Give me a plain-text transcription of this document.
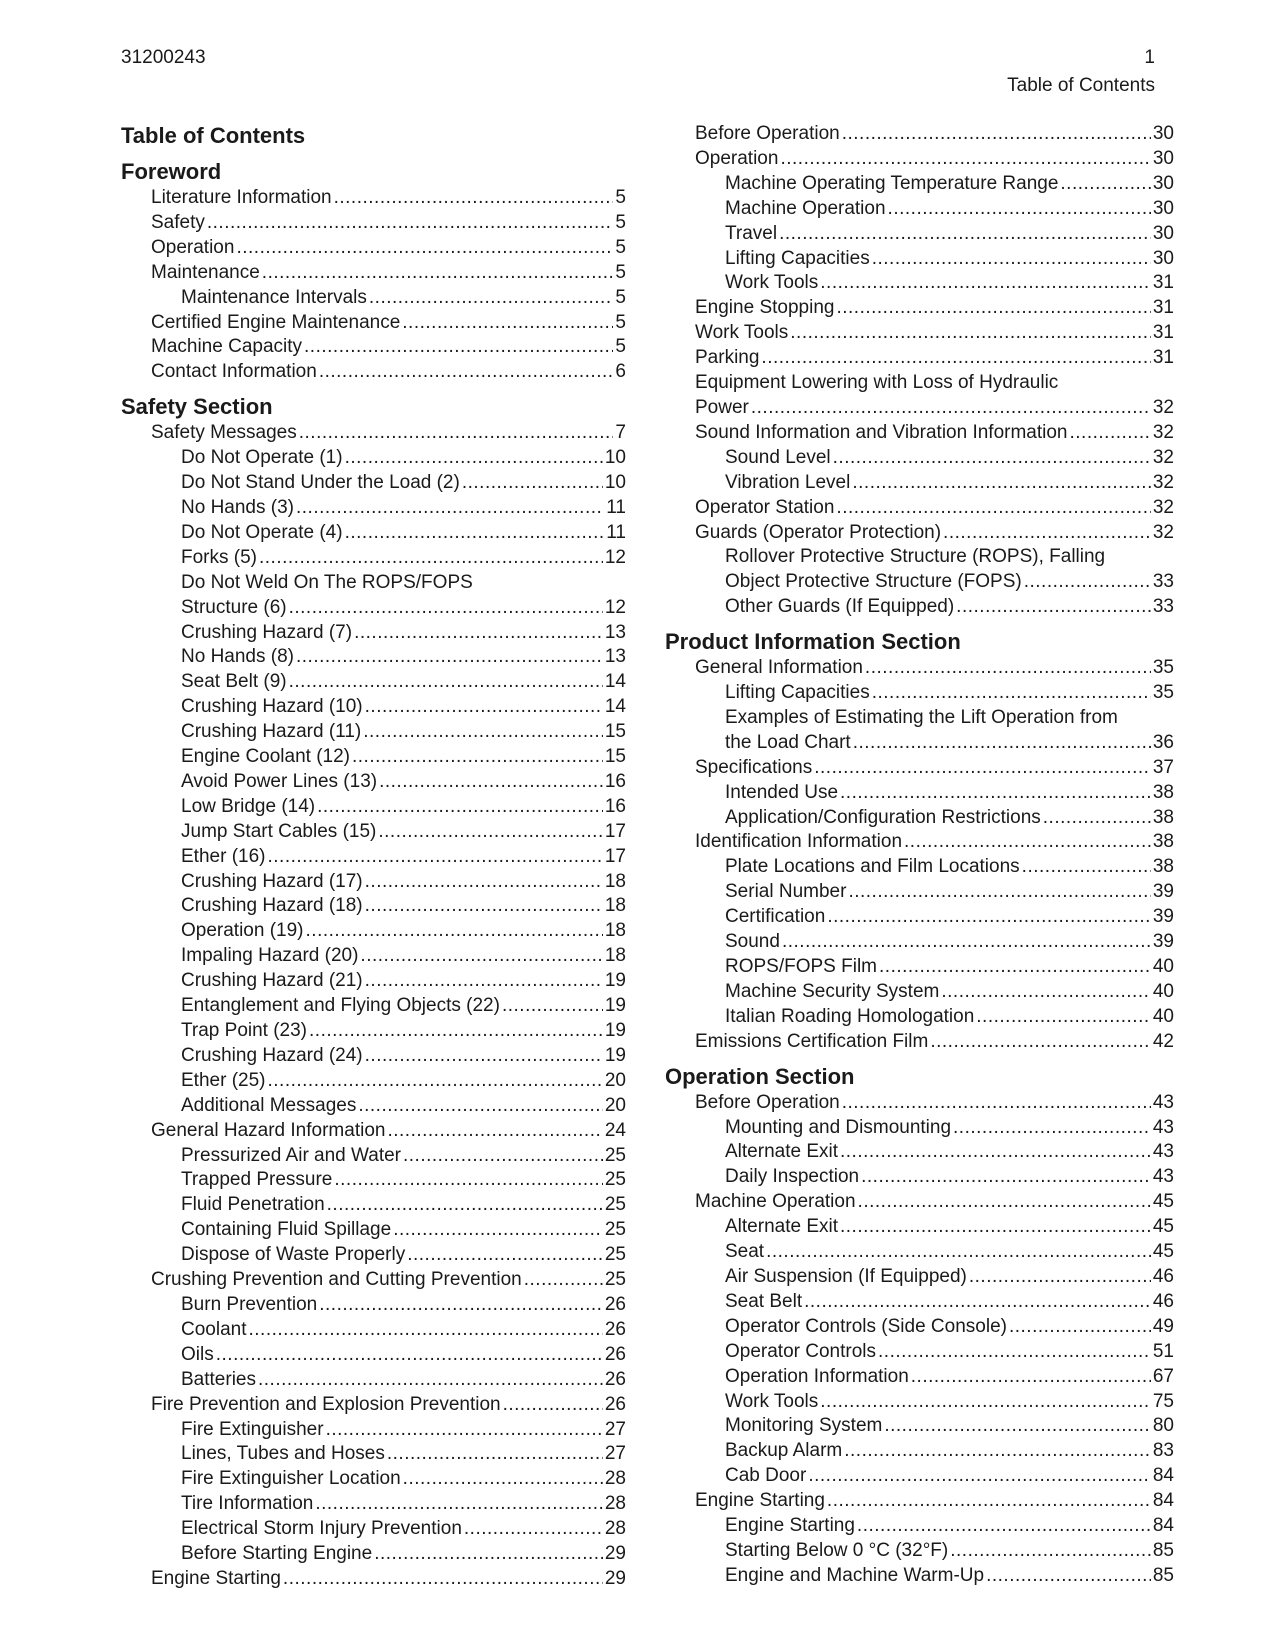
31200243	1
Table of Contents
Table of Contents
Foreword
Literature Information .....	5
Safety .....	5
Operation .....	5
Maintenance .....	5
Maintenance Intervals .....	5
Certified Engine Maintenance .....	5
Machine Capacity .....	5
Contact Information .....	6
Safety Section
Safety Messages .....	7
Do Not Operate (1) .....	10
Do Not Stand Under the Load (2) .....	10
No Hands (3) .....	11
Do Not Operate (4) .....	11
Forks (5) .....	12
Do Not Weld On The ROPS/FOPS
Structure (6) .....	12
Crushing Hazard (7) .....	13
No Hands (8) .....	13
Seat Belt (9) .....	14
Crushing Hazard (10) .....	14
Crushing Hazard (11) .....	15
Engine Coolant (12) .....	15
Avoid Power Lines (13) .....	16
Low Bridge (14) .....	16
Jump Start Cables (15) .....	17
Ether (16) .....	17
Crushing Hazard (17) .....	18
Crushing Hazard (18) .....	18
Operation (19) .....	18
Impaling Hazard (20) .....	18
Crushing Hazard (21) .....	19
Entanglement and Flying Objects (22) .....	19
Trap Point (23) .....	19
Crushing Hazard (24) .....	19
Ether (25) .....	20
Additional Messages .....	20
General Hazard Information .....	24
Pressurized Air and Water .....	25
Trapped Pressure .....	25
Fluid Penetration .....	25
Containing Fluid Spillage .....	25
Dispose of Waste Properly .....	25
Crushing Prevention and Cutting Prevention .....	25
Burn Prevention .....	26
Coolant .....	26
Oils .....	26
Batteries .....	26
Fire Prevention and Explosion Prevention .....	26
Fire Extinguisher .....	27
Lines, Tubes and Hoses .....	27
Fire Extinguisher Location .....	28
Tire Information .....	28
Electrical Storm Injury Prevention .....	28
Before Starting Engine .....	29
Engine Starting .....	29
Before Operation .....	30
Operation .....	30
Machine Operating Temperature Range .....	30
Machine Operation .....	30
Travel .....	30
Lifting Capacities .....	30
Work Tools .....	31
Engine Stopping .....	31
Work Tools .....	31
Parking .....	31
Equipment Lowering with Loss of Hydraulic
Power .....	32
Sound Information and Vibration Information .....	32
Sound Level .....	32
Vibration Level .....	32
Operator Station .....	32
Guards (Operator Protection) .....	32
Rollover Protective Structure (ROPS), Falling
Object Protective Structure (FOPS) .....	33
Other Guards (If Equipped) .....	33
Product Information Section
General Information .....	35
Lifting Capacities .....	35
Examples of Estimating the Lift Operation from
the Load Chart .....	36
Specifications .....	37
Intended Use .....	38
Application/Configuration Restrictions .....	38
Identification Information .....	38
Plate Locations and Film Locations .....	38
Serial Number .....	39
Certification .....	39
Sound .....	39
ROPS/FOPS Film .....	40
Machine Security System .....	40
Italian Roading Homologation .....	40
Emissions Certification Film .....	42
Operation Section
Before Operation .....	43
Mounting and Dismounting .....	43
Alternate Exit .....	43
Daily Inspection .....	43
Machine Operation .....	45
Alternate Exit .....	45
Seat .....	45
Air Suspension (If Equipped) .....	46
Seat Belt .....	46
Operator Controls (Side Console) .....	49
Operator Controls .....	51
Operation Information .....	67
Work Tools .....	75
Monitoring System .....	80
Backup Alarm .....	83
Cab Door .....	84
Engine Starting .....	84
Engine Starting .....	84
Starting Below 0 °C (32°F) .....	85
Engine and Machine Warm-Up .....	85
